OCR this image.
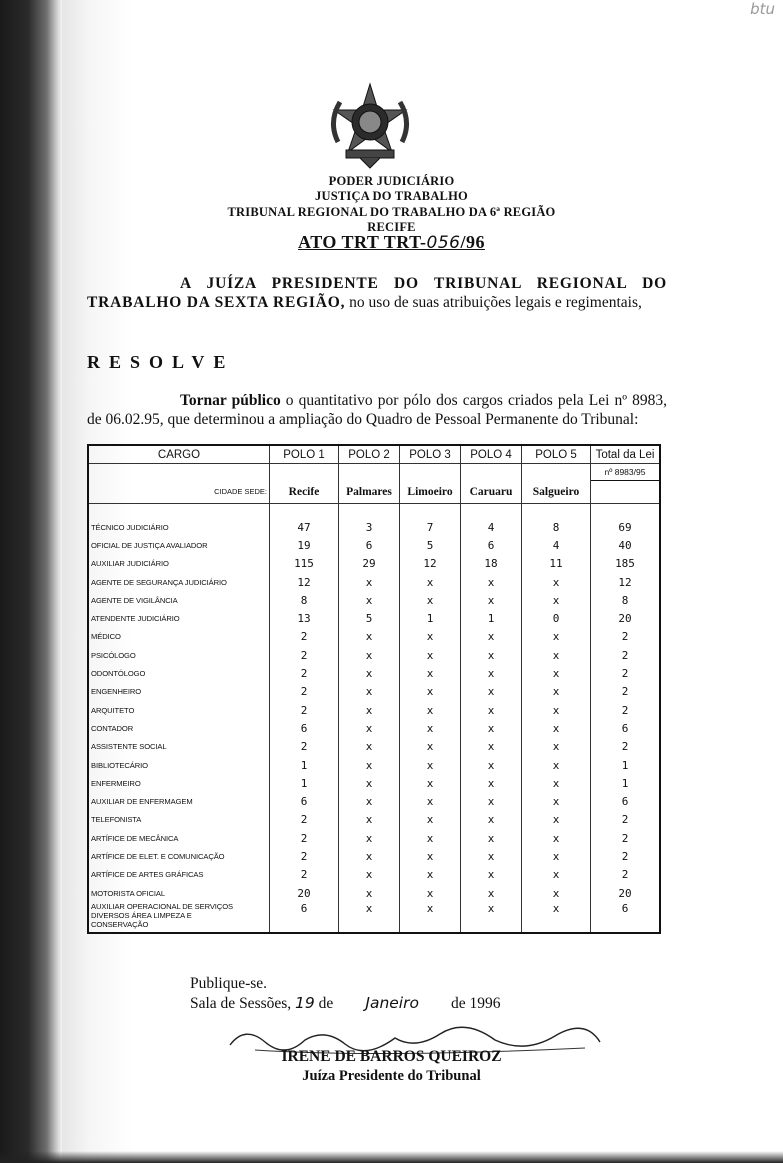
btu
PODER JUDICIÁRIO
JUSTIÇA DO TRABALHO
TRIBUNAL REGIONAL DO TRABALHO DA 6ª REGIÃO
RECIFE
ATO TRT TRT-056/96
A JUÍZA PRESIDENTE DO TRIBUNAL REGIONAL DO TRABALHO DA SEXTA REGIÃO, no uso de suas atribuições legais e regimentais,
RESOLVE
Tornar público o quantitativo por pólo dos cargos criados pela Lei nº 8983, de 06.02.95, que determinou a ampliação do Quadro de Pessoal Permanente do Tribunal:
CARGO	POLO 1	POLO 2	POLO 3	POLO 4	POLO 5	Total da Lei
						nº 8983/95
CIDADE SEDE:	Recife	Palmares	Limoeiro	Caruaru	Salgueiro	

TÉCNICO JUDICIÁRIO	47	3	7	4	8	69
OFICIAL DE JUSTIÇA AVALIADOR	19	6	5	6	4	40
AUXILIAR JUDICIÁRIO	115	29	12	18	11	185
AGENTE DE SEGURANÇA JUDICIÁRIO	12	x	x	x	x	12
AGENTE DE VIGILÂNCIA	8	x	x	x	x	8
ATENDENTE JUDICIÁRIO	13	5	1	1	0	20
MÉDICO	2	x	x	x	x	2
PSICÓLOGO	2	x	x	x	x	2
ODONTÓLOGO	2	x	x	x	x	2
ENGENHEIRO	2	x	x	x	x	2
ARQUITETO	2	x	x	x	x	2
CONTADOR	6	x	x	x	x	6
ASSISTENTE SOCIAL	2	x	x	x	x	2
BIBLIOTECÁRIO	1	x	x	x	x	1
ENFERMEIRO	1	x	x	x	x	1
AUXILIAR DE ENFERMAGEM	6	x	x	x	x	6
TELEFONISTA	2	x	x	x	x	2
ARTÍFICE DE MECÂNICA	2	x	x	x	x	2
ARTÍFICE DE ELET. E COMUNICAÇÃO	2	x	x	x	x	2
ARTÍFICE DE ARTES GRÁFICAS	2	x	x	x	x	2
MOTORISTA OFICIAL	20	x	x	x	x	20

AUXILIAR OPERACIONAL DE SERVIÇOS
DIVERSOS ÁREA LIMPEZA E
CONSERVAÇÃO	6	x	x	x	x	6
Publique-se.
Sala de Sessões, 19 de Janeiro de 1996
IRENE DE BARROS QUEIROZ
Juíza Presidente do Tribunal
